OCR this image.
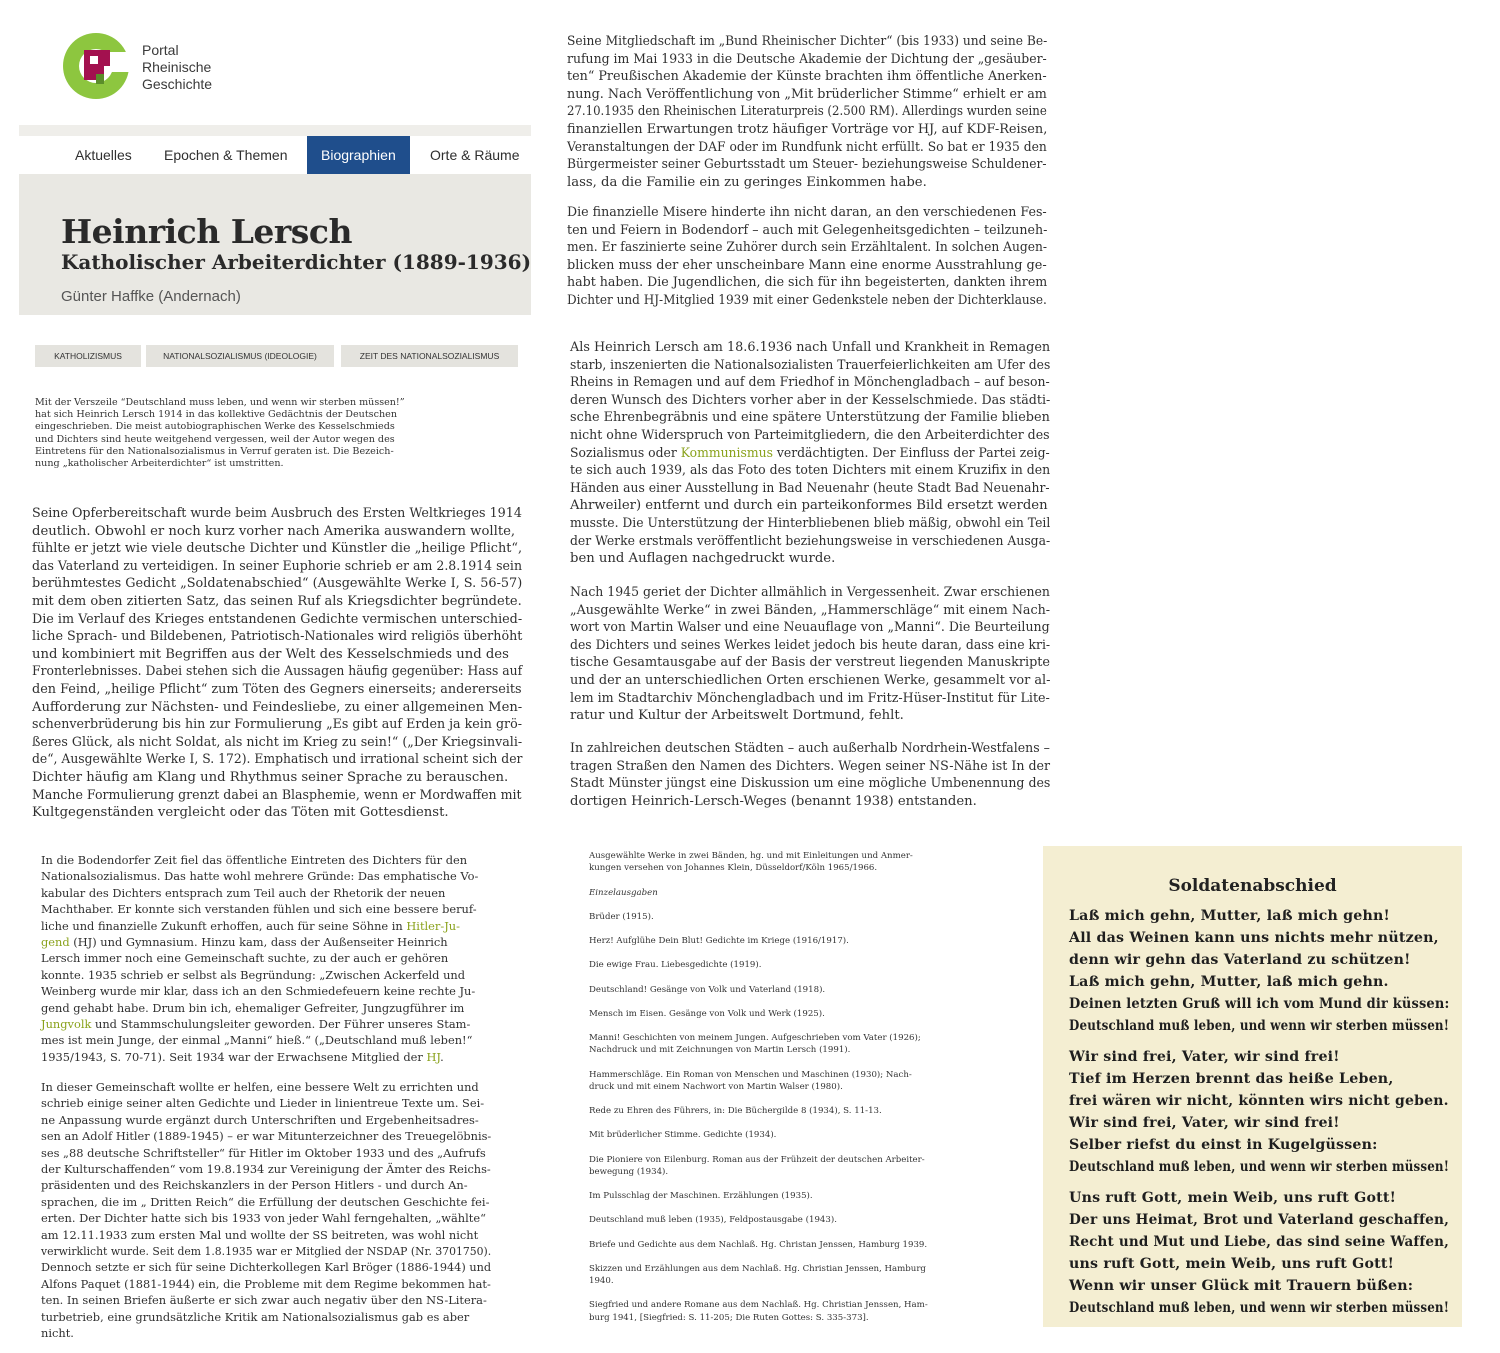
Portal
Rheinische
Geschichte
Aktuelles Epochen & Themen	Biographien	Orte & Räume
Heinrich Lersch
Katholischer Arbeiterdichter (1889-1936)
Günter Haffke (Andernach)
KATHOLIZISMUS	NATIONALSOZIALISMUS (IDEOLOGIE)	ZEIT DES NATIONALSOZIALISMUS
Mit der Verszeile “Deutschland muss leben, und wenn wir sterben müssen!”
hat sich Heinrich Lersch 1914 in das kollektive Gedächtnis der Deutschen
eingeschrieben. Die meist autobiographischen Werke des Kesselschmieds
und Dichters sind heute weitgehend vergessen, weil der Autor wegen des
Eintretens für den Nationalsozialismus in Verruf geraten ist. Die Bezeich-
nung „katholischer Arbeiterdichter“ ist umstritten.
Seine Opferbereitschaft wurde beim Ausbruch des Ersten Weltkrieges 1914
deutlich. Obwohl er noch kurz vorher nach Amerika auswandern wollte,
fühlte er jetzt wie viele deutsche Dichter und Künstler die „heilige Pflicht“,
das Vaterland zu verteidigen. In seiner Euphorie schrieb er am 2.8.1914 sein
berühmtestes Gedicht „Soldatenabschied“ (Ausgewählte Werke I, S. 56-57)
mit dem oben zitierten Satz, das seinen Ruf als Kriegsdichter begründete.
Die im Verlauf des Krieges entstandenen Gedichte vermischen unterschied-
liche Sprach- und Bildebenen, Patriotisch-Nationales wird religiös überhöht
und kombiniert mit Begriffen aus der Welt des Kesselschmieds und des
Fronterlebnisses. Dabei stehen sich die Aussagen häufig gegenüber: Hass auf
den Feind, „heilige Pflicht“ zum Töten des Gegners einerseits; andererseits
Aufforderung zur Nächsten- und Feindesliebe, zu einer allgemeinen Men-
schenverbrüderung bis hin zur Formulierung „Es gibt auf Erden ja kein grö-
ßeres Glück, als nicht Soldat, als nicht im Krieg zu sein!“ („Der Kriegsinvali-
de“, Ausgewählte Werke I, S. 172). Emphatisch und irrational scheint sich der
Dichter häufig am Klang und Rhythmus seiner Sprache zu berauschen.
Manche Formulierung grenzt dabei an Blasphemie, wenn er Mordwaffen mit
Kultgegenständen vergleicht oder das Töten mit Gottesdienst.
In die Bodendorfer Zeit fiel das öffentliche Eintreten des Dichters für den
Nationalsozialismus. Das hatte wohl mehrere Gründe: Das emphatische Vo-
kabular des Dichters entsprach zum Teil auch der Rhetorik der neuen
Machthaber. Er konnte sich verstanden fühlen und sich eine bessere beruf-
liche und finanzielle Zukunft erhoffen, auch für seine Söhne in Hitler-Ju-
gend (HJ) und Gymnasium. Hinzu kam, dass der Außenseiter Heinrich
Lersch immer noch eine Gemeinschaft suchte, zu der auch er gehören
konnte. 1935 schrieb er selbst als Begründung: „Zwischen Ackerfeld und
Weinberg wurde mir klar, dass ich an den Schmiedefeuern keine rechte Ju-
gend gehabt habe. Drum bin ich, ehemaliger Gefreiter, Jungzugführer im
Jungvolk und Stammschulungsleiter geworden. Der Führer unseres Stam-
mes ist mein Junge, der einmal „Manni“ hieß.“ („Deutschland muß leben!“
1935/1943, S. 70-71). Seit 1934 war der Erwachsene Mitglied der HJ.
In dieser Gemeinschaft wollte er helfen, eine bessere Welt zu errichten und
schrieb einige seiner alten Gedichte und Lieder in linientreue Texte um. Sei-
ne Anpassung wurde ergänzt durch Unterschriften und Ergebenheitsadres-
sen an Adolf Hitler (1889-1945) – er war Mitunterzeichner des Treuegelöbnis-
ses „88 deutsche Schriftsteller“ für Hitler im Oktober 1933 und des „Aufrufs
der Kulturschaffenden“ vom 19.8.1934 zur Vereinigung der Ämter des Reichs-
präsidenten und des Reichskanzlers in der Person Hitlers - und durch An-
sprachen, die im „ Dritten Reich“ die Erfüllung der deutschen Geschichte fei-
erten. Der Dichter hatte sich bis 1933 von jeder Wahl ferngehalten, „wählte“
am 12.11.1933 zum ersten Mal und wollte der SS beitreten, was wohl nicht
verwirklicht wurde. Seit dem 1.8.1935 war er Mitglied der NSDAP (Nr. 3701750).
Dennoch setzte er sich für seine Dichterkollegen Karl Bröger (1886-1944) und
Alfons Paquet (1881-1944) ein, die Probleme mit dem Regime bekommen hat-
ten. In seinen Briefen äußerte er sich zwar auch negativ über den NS-Litera-
turbetrieb, eine grundsätzliche Kritik am Nationalsozialismus gab es aber
nicht.
Seine Mitgliedschaft im „Bund Rheinischer Dichter“ (bis 1933) und seine Be-
rufung im Mai 1933 in die Deutsche Akademie der Dichtung der „gesäuber-
ten“ Preußischen Akademie der Künste brachten ihm öffentliche Anerken-
nung. Nach Veröffentlichung von „Mit brüderlicher Stimme“ erhielt er am
27.10.1935 den Rheinischen Literaturpreis (2.500 RM). Allerdings wurden seine
finanziellen Erwartungen trotz häufiger Vorträge vor HJ, auf KDF-Reisen,
Veranstaltungen der DAF oder im Rundfunk nicht erfüllt. So bat er 1935 den
Bürgermeister seiner Geburtsstadt um Steuer- beziehungsweise Schuldener-
lass, da die Familie ein zu geringes Einkommen habe.
Die finanzielle Misere hinderte ihn nicht daran, an den verschiedenen Fes-
ten und Feiern in Bodendorf – auch mit Gelegenheitsgedichten – teilzuneh-
men. Er faszinierte seine Zuhörer durch sein Erzähltalent. In solchen Augen-
blicken muss der eher unscheinbare Mann eine enorme Ausstrahlung ge-
habt haben. Die Jugendlichen, die sich für ihn begeisterten, dankten ihrem
Dichter und HJ-Mitglied 1939 mit einer Gedenkstele neben der Dichterklause.
Als Heinrich Lersch am 18.6.1936 nach Unfall und Krankheit in Remagen
starb, inszenierten die Nationalsozialisten Trauerfeierlichkeiten am Ufer des
Rheins in Remagen und auf dem Friedhof in Mönchengladbach – auf beson-
deren Wunsch des Dichters vorher aber in der Kesselschmiede. Das städti-
sche Ehrenbegräbnis und eine spätere Unterstützung der Familie blieben
nicht ohne Widerspruch von Parteimitgliedern, die den Arbeiterdichter des
Sozialismus oder Kommunismus verdächtigten. Der Einfluss der Partei zeig-
te sich auch 1939, als das Foto des toten Dichters mit einem Kruzifix in den
Händen aus einer Ausstellung in Bad Neuenahr (heute Stadt Bad Neuenahr-
Ahrweiler) entfernt und durch ein parteikonformes Bild ersetzt werden
musste. Die Unterstützung der Hinterbliebenen blieb mäßig, obwohl ein Teil
der Werke erstmals veröffentlicht beziehungsweise in verschiedenen Ausga-
ben und Auflagen nachgedruckt wurde.
Nach 1945 geriet der Dichter allmählich in Vergessenheit. Zwar erschienen
„Ausgewählte Werke“ in zwei Bänden, „Hammerschläge“ mit einem Nach-
wort von Martin Walser und eine Neuauflage von „Manni“. Die Beurteilung
des Dichters und seines Werkes leidet jedoch bis heute daran, dass eine kri-
tische Gesamtausgabe auf der Basis der verstreut liegenden Manuskripte
und der an unterschiedlichen Orten erschienen Werke, gesammelt vor al-
lem im Stadtarchiv Mönchengladbach und im Fritz-Hüser-Institut für Lite-
ratur und Kultur der Arbeitswelt Dortmund, fehlt.
In zahlreichen deutschen Städten – auch außerhalb Nordrhein-Westfalens –
tragen Straßen den Namen des Dichters. Wegen seiner NS-Nähe ist In der
Stadt Münster jüngst eine Diskussion um eine mögliche Umbenennung des
dortigen Heinrich-Lersch-Weges (benannt 1938) entstanden.
Ausgewählte Werke in zwei Bänden, hg. und mit Einleitungen und Anmer-
kungen versehen von Johannes Klein, Düsseldorf/Köln 1965/1966.
Einzelausgaben
Brüder (1915).
Herz! Aufglühe Dein Blut! Gedichte im Kriege (1916/1917).
Die ewige Frau. Liebesgedichte (1919).
Deutschland! Gesänge von Volk und Vaterland (1918).
Mensch im Eisen. Gesänge von Volk und Werk (1925).
Manni! Geschichten von meinem Jungen. Aufgeschrieben vom Vater (1926);
Nachdruck und mit Zeichnungen von Martin Lersch (1991).
Hammerschläge. Ein Roman von Menschen und Maschinen (1930); Nach-
druck und mit einem Nachwort von Martin Walser (1980).
Rede zu Ehren des Führers, in: Die Büchergilde 8 (1934), S. 11-13.
Mit brüderlicher Stimme. Gedichte (1934).
Die Pioniere von Eilenburg. Roman aus der Frühzeit der deutschen Arbeiter-
bewegung (1934).
Im Pulsschlag der Maschinen. Erzählungen (1935).
Deutschland muß leben (1935), Feldpostausgabe (1943).
Briefe und Gedichte aus dem Nachlaß. Hg. Christan Jenssen, Hamburg 1939.
Skizzen und Erzählungen aus dem Nachlaß. Hg. Christian Jenssen, Hamburg
1940.
Siegfried und andere Romane aus dem Nachlaß. Hg. Christian Jenssen, Ham-
burg 1941, [Siegfried: S. 11-205; Die Ruten Gottes: S. 335-373].
Soldatenabschied
Laß mich gehn, Mutter, laß mich gehn!
All das Weinen kann uns nichts mehr nützen,
denn wir gehn das Vaterland zu schützen!
Laß mich gehn, Mutter, laß mich gehn.
Deinen letzten Gruß will ich vom Mund dir küssen:
Deutschland muß leben, und wenn wir sterben müssen!
Wir sind frei, Vater, wir sind frei!
Tief im Herzen brennt das heiße Leben,
frei wären wir nicht, könnten wirs nicht geben.
Wir sind frei, Vater, wir sind frei!
Selber riefst du einst in Kugelgüssen:
Deutschland muß leben, und wenn wir sterben müssen!
Uns ruft Gott, mein Weib, uns ruft Gott!
Der uns Heimat, Brot und Vaterland geschaffen,
Recht und Mut und Liebe, das sind seine Waffen,
uns ruft Gott, mein Weib, uns ruft Gott!
Wenn wir unser Glück mit Trauern büßen:
Deutschland muß leben, und wenn wir sterben müssen!
